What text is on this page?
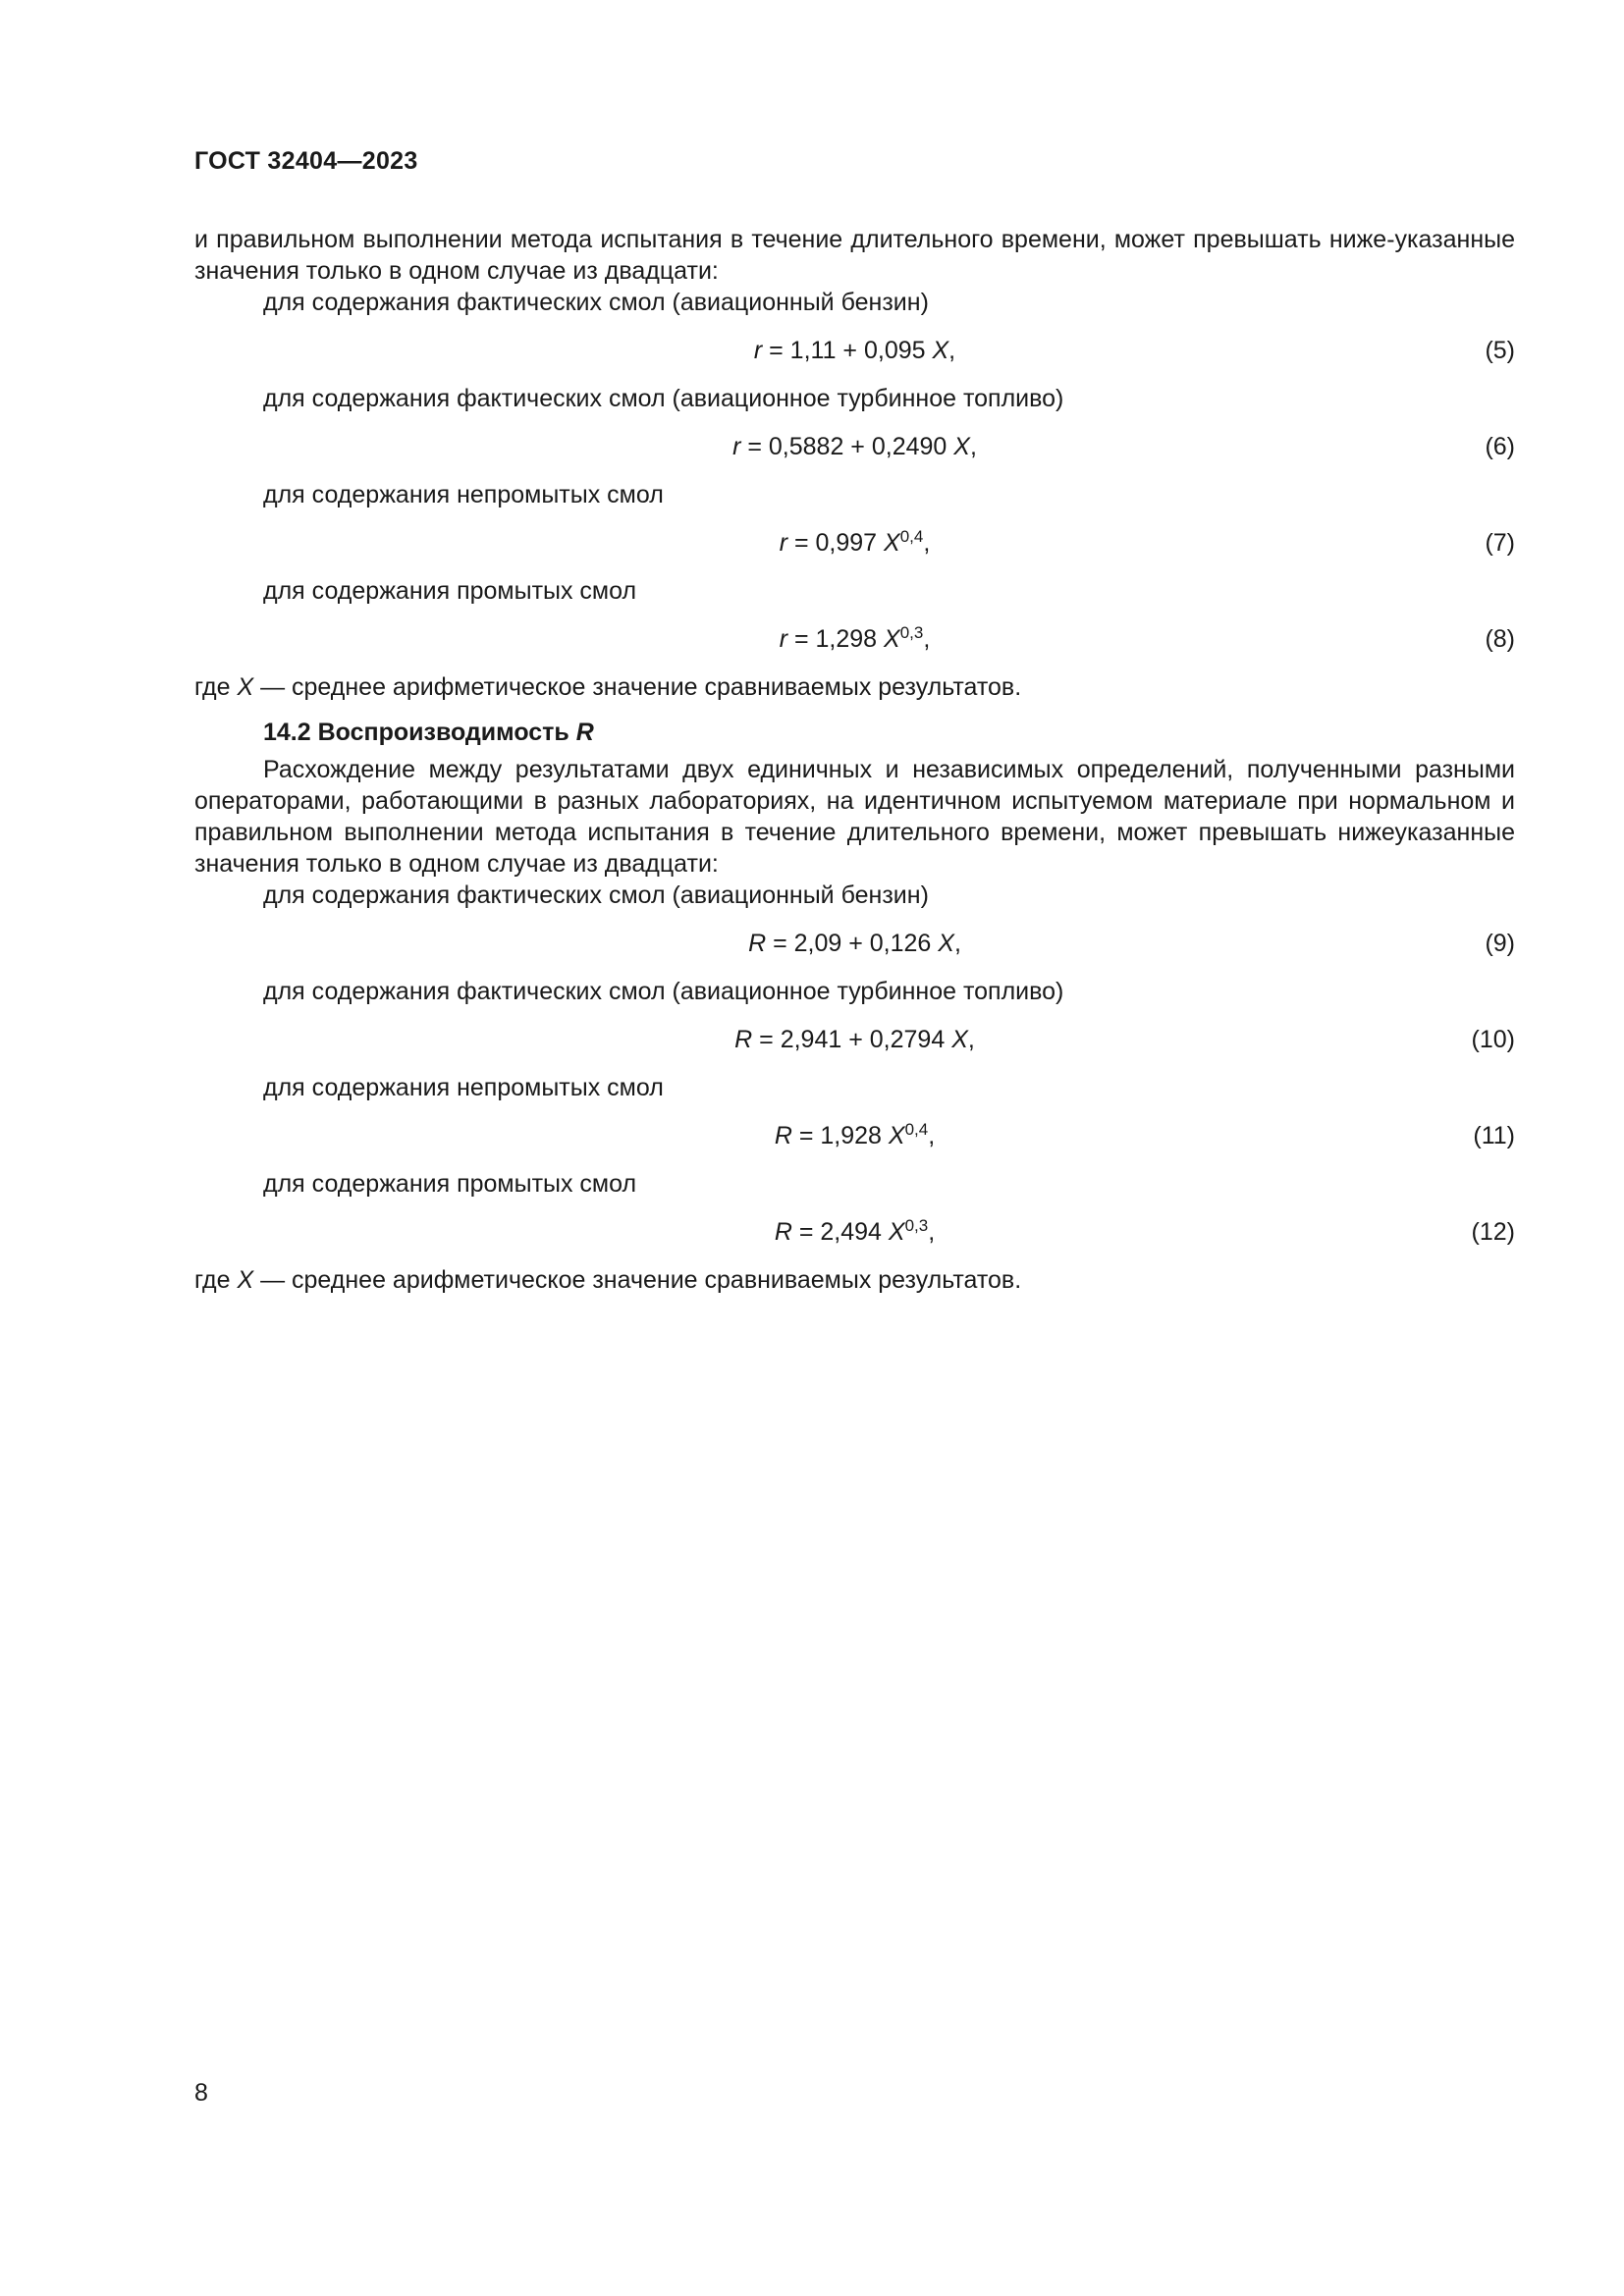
ГОСТ 32404—2023

и правильном выполнении метода испытания в течение длительного времени, может превышать ниже-указанные значения только в одном случае из двадцати:

для содержания фактических смол (авиационный бензин)

r = 1,11 + 0,095 X,	(5)

для содержания фактических смол (авиационное турбинное топливо)

r = 0,5882 + 0,2490 X,	(6)

для содержания непромытых смол

r = 0,997 X$^{0,4}$,	(7)

для содержания промытых смол

r = 1,298 X$^{0,3}$,	(8)

где X — среднее арифметическое значение сравниваемых результатов.

14.2 Воспроизводимость R

Расхождение между результатами двух единичных и независимых определений, полученными разными операторами, работающими в разных лабораториях, на идентичном испытуемом материале при нормальном и правильном выполнении метода испытания в течение длительного времени, может превышать нижеуказанные значения только в одном случае из двадцати:

для содержания фактических смол (авиационный бензин)

R = 2,09 + 0,126 X,	(9)

для содержания фактических смол (авиационное турбинное топливо)

R = 2,941 + 0,2794 X,	(10)

для содержания непромытых смол

R = 1,928 X$^{0,4}$,	(11)

для содержания промытых смол

R = 2,494 X$^{0,3}$,	(12)

где X — среднее арифметическое значение сравниваемых результатов.

8
